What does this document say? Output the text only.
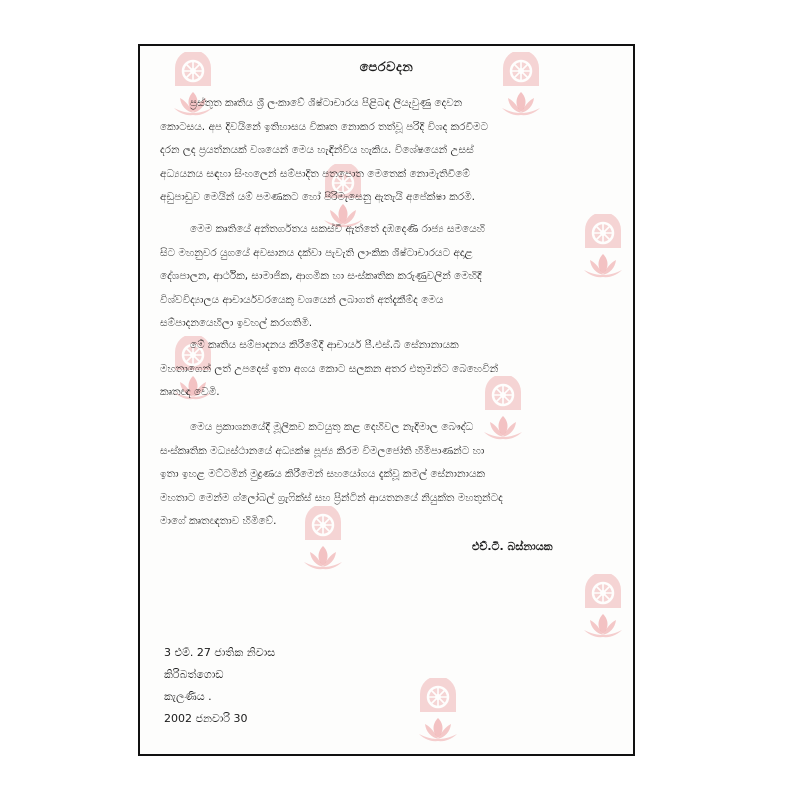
පෙරවදන
ප්‍රස්තුත කෘතිය ශ්‍රී ලංකාවේ ශිෂ්ටාචාරය පිළිබඳ ලියැවුණු දෙවන
කොටසය. අප දිවයිනේ ඉතිහාසය විකෘත නොකර තත්වූ පරිදි විශද කරවීමට
දරන ලද ප්‍රයත්නයක් වශයෙන් මෙය හැඳින්විය හැකිය. විශේෂයෙන් උසස්
අධ්‍යයනය සඳහා සිංහලෙන් සම්පාදිත පතපොත මෙතෙක් නොමැතිවීමේ
අඩුපාඩුව මෙයින් යම් පමණකට හෝ පිරිමැසෙනු ඇතැයි අපේක්ෂා කරමි.
මෙම කෘතියේ අන්තර්ගතය සකස්වී ඇත්තේ දඹදෙණි රාජ්‍ය සමයෙහි
සිට මහනුවර යුගයේ අවසානය දක්වා පැවැති ලාංකික ශිෂ්ටාචාරයට අදාළ
දේශපාලන, ආර්ථික, සාමාජික, ආගමික හා සංස්කෘතික කරුණුවලින් මෙහිදී
විශ්වවිද්‍යාලය ආචාර්යවරයෙකු වශයෙන් ලබාගත් අත්දැකීම්ද මෙය
සම්පාදනයෙහිලා ඉවහල් කරගතිමි.
මේ කෘතිය සම්පාදනය කිරීමේදී ආචාර්ය පී.එස්.බී සේනානායක
මහතාගෙන් ලත් උපදෙස් ඉතා අගය කොට සලකන අතර එතුමන්ට බෙහෙවින්
කෘතඥ වෙමි.
මෙය ප්‍රකාශනයේදී මූලිකව කටයුතු කළ දෙහිවල නැදිමාල බෞද්ධ
සංස්කෘතික මධ්‍යස්ථානයේ අධ්‍යක්ෂ පූජ්‍ය කිරම විමලජෝති හිමිපාණන්ට හා
ඉතා ඉහළ මට්ටමින් මුද්‍රණය කිරීමෙන් සහයෝගය දැක්වූ කමල් සේනානායක
මහතාට මෙන්ම ග්ලෝබල් ග්‍රැෆික්ස් සහ ප්‍රින්ටින් ආයතනයේ නියුක්ත මහතුන්ටද
මාගේ කෘතඥතාව හිමිවේ.
එච්.ටී. බස්නායක
3 එම්. 27 ජාතික නිවාස
කිරිබත්ගොඩ
කැලණිය .
2002 ජනවාරි 30
